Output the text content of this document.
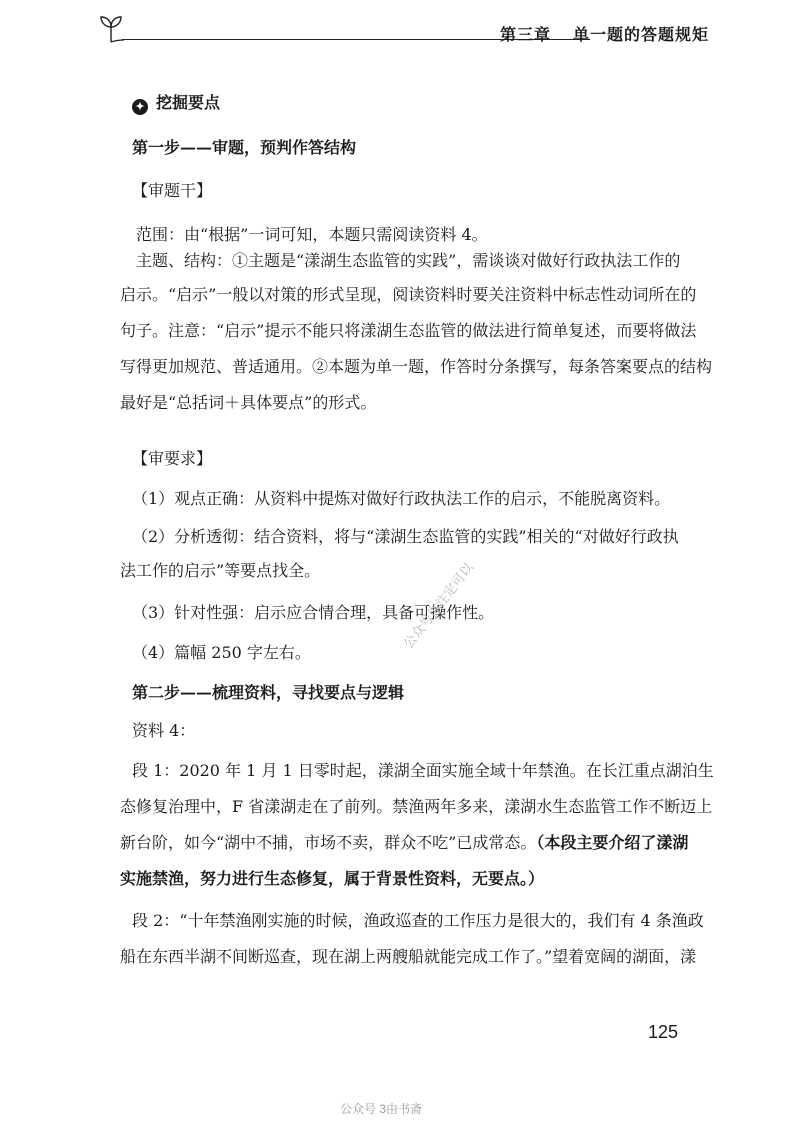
第三章 单一题的答题规矩
✦ 挖掘要点
第一步——审题，预判作答结构
【审题干】
范围：由“根据”一词可知，本题只需阅读资料 4。
主题、结构：①主题是“漾湖生态监管的实践”，需谈谈对做好行政执法工作的
启示。“启示”一般以对策的形式呈现，阅读资料时要关注资料中标志性动词所在的
句子。注意：“启示”提示不能只将漾湖生态监管的做法进行简单复述，而要将做法
写得更加规范、普适通用。②本题为单一题，作答时分条撰写，每条答案要点的结构
最好是“总括词＋具体要点”的形式。
【审要求】
（1）观点正确：从资料中提炼对做好行政执法工作的启示，不能脱离资料。
（2）分析透彻：结合资料，将与“漾湖生态监管的实践”相关的“对做好行政执
法工作的启示”等要点找全。
（3）针对性强：启示应合情合理，具备可操作性。
（4）篇幅 250 字左右。
第二步——梳理资料，寻找要点与逻辑
资料 4：
段 1：2020 年 1 月 1 日零时起，漾湖全面实施全域十年禁渔。在长江重点湖泊生
态修复治理中，F 省漾湖走在了前列。禁渔两年多来，漾湖水生态监管工作不断迈上
新台阶，如今“湖中不捕，市场不卖，群众不吃”已成常态。（本段主要介绍了漾湖
实施禁渔，努力进行生态修复，属于背景性资料，无要点。）
段 2：“十年禁渔刚实施的时候，渔政巡查的工作压力是很大的，我们有 4 条渔政
船在东西半湖不间断巡查，现在湖上两艘船就能完成工作了。”望着宽阔的湖面，漾
公众号你注定可以
125
公众号 3由书斋
